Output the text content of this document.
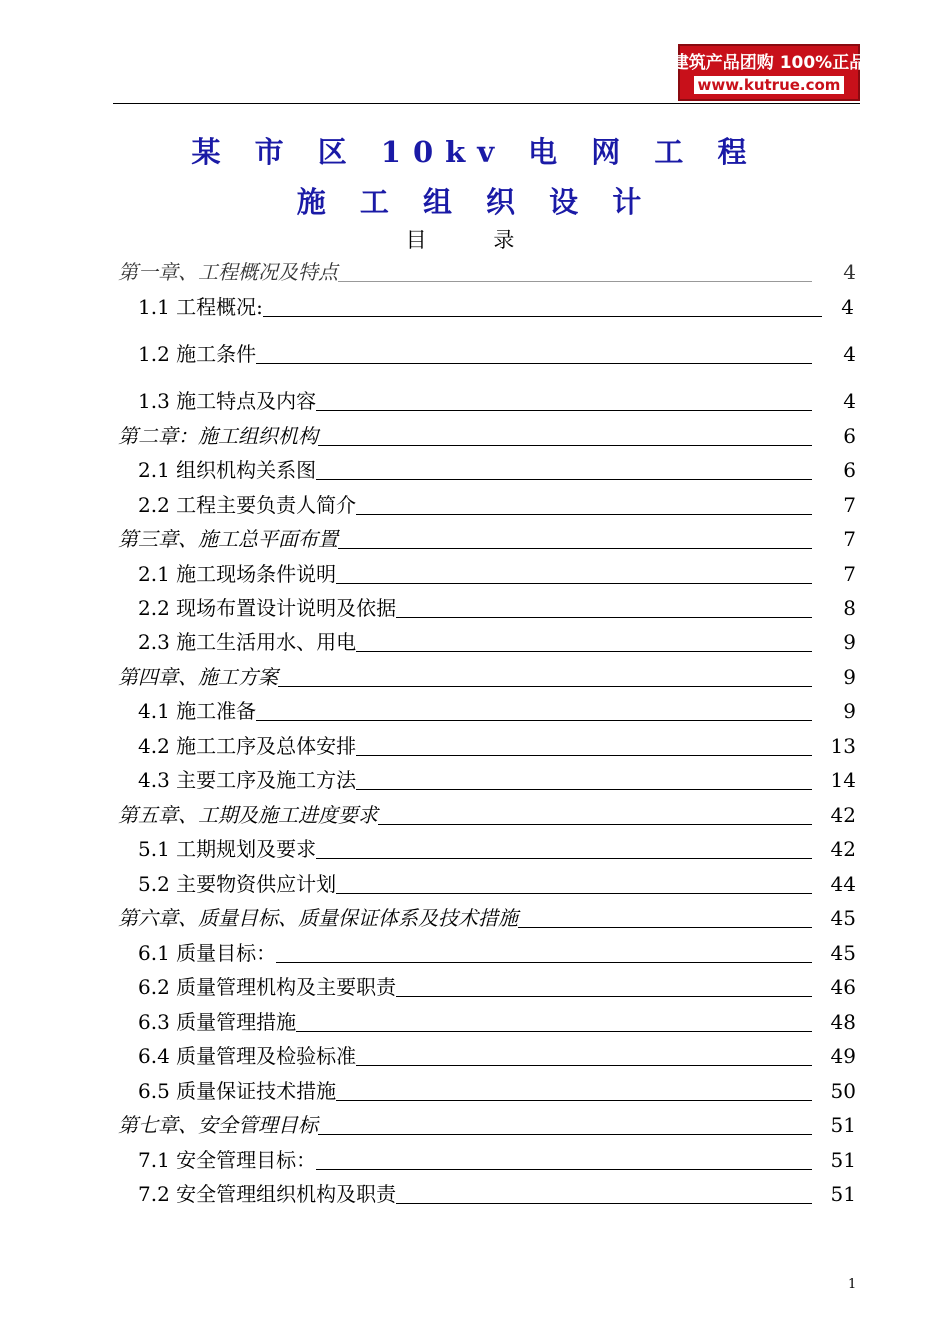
建筑产品团购 100%正品
www.kutrue.com
某 市 区 10kv 电 网 工 程
施 工 组 织 设 计
目 录
第一章、工程概况及特点	4
1.1 工程概况:	4
1.2 施工条件	4
1.3 施工特点及内容	4
第二章：施工组织机构	6
2.1 组织机构关系图	6
2.2 工程主要负责人简介	7
第三章、施工总平面布置	7
2.1 施工现场条件说明	7
2.2 现场布置设计说明及依据	8
2.3 施工生活用水、用电	9
第四章、施工方案	9
4.1 施工准备	9
4.2 施工工序及总体安排	13
4.3 主要工序及施工方法	14
第五章、工期及施工进度要求	42
5.1 工期规划及要求	42
5.2 主要物资供应计划	44
第六章、质量目标、质量保证体系及技术措施	45
6.1 质量目标：	45
6.2 质量管理机构及主要职责	46
6.3 质量管理措施	48
6.4 质量管理及检验标准	49
6.5 质量保证技术措施	50
第七章、安全管理目标	51
7.1 安全管理目标：	51
7.2 安全管理组织机构及职责	51
1
